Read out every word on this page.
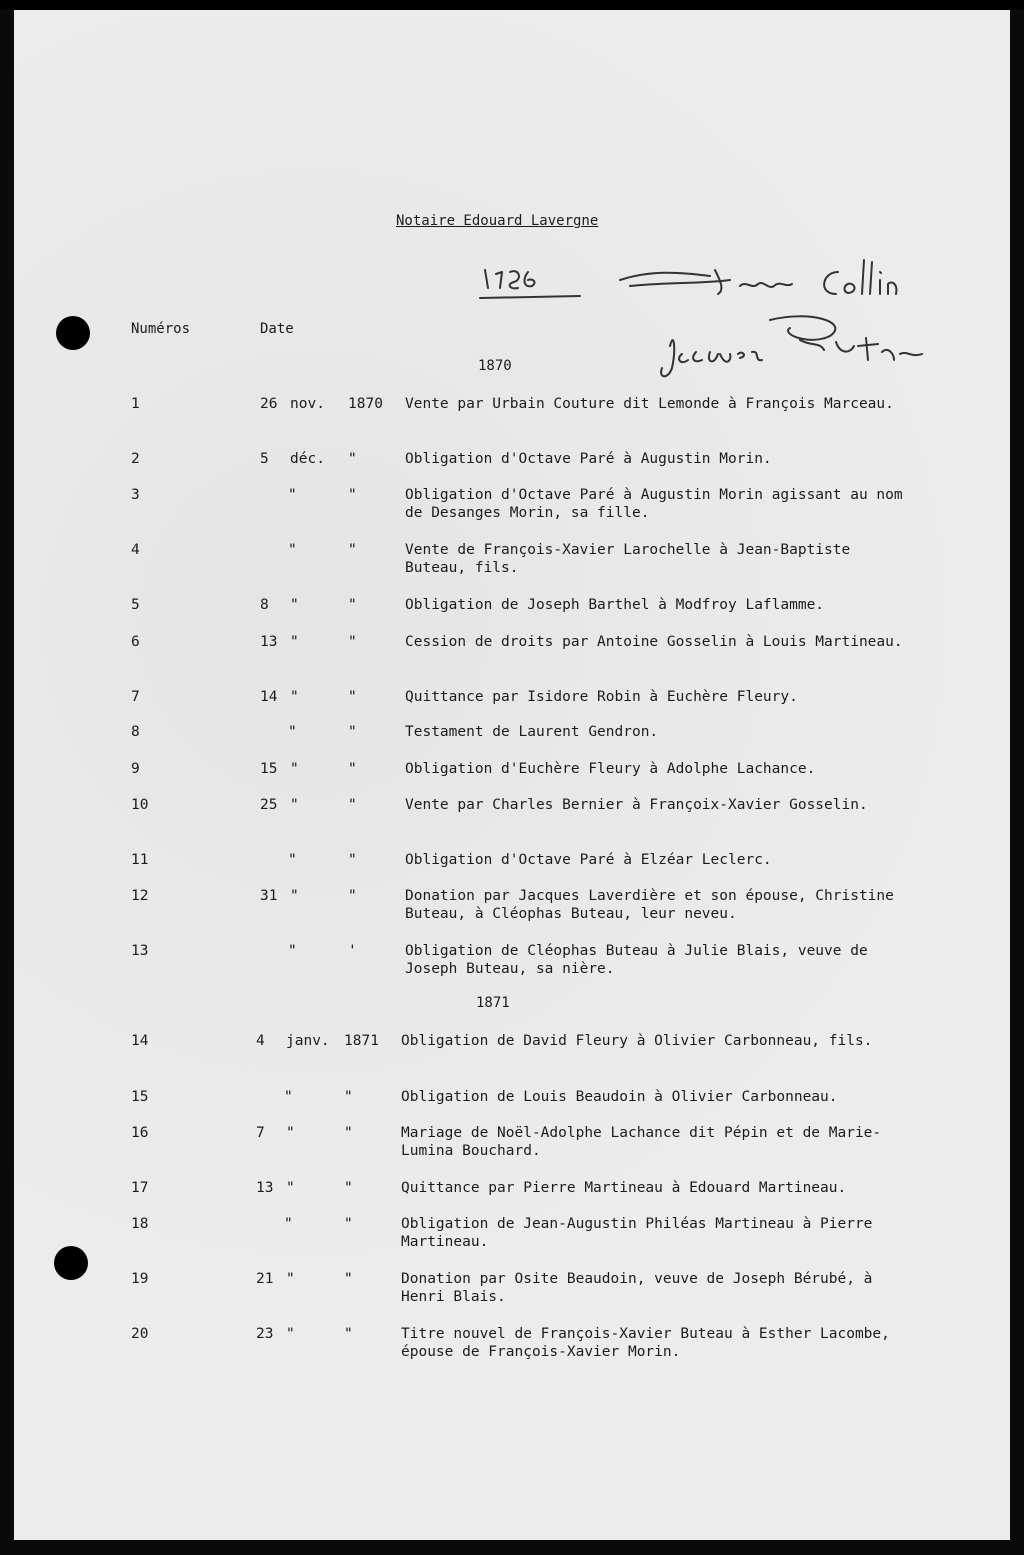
Notaire Edouard Lavergne
Numéros	Date
1870
1871
1	26 nov. 1870 Vente par Urbain Couture dit Lemonde à François Marceau.
2	5 déc. "	Obligation d'Octave Paré à Augustin Morin.
3	"	"	Obligation d'Octave Paré à Augustin Morin agissant au nom de Desanges Morin, sa fille.
4	"	"	Vente de François-Xavier Larochelle à Jean-Baptiste Buteau, fils.
5	8 "	"	Obligation de Joseph Barthel à Modfroy Laflamme.
6	13 "	"	Cession de droits par Antoine Gosselin à Louis Martineau.
7	14 "	"	Quittance par Isidore Robin à Euchère Fleury.
8	"	"	Testament de Laurent Gendron.
9	15 "	"	Obligation d'Euchère Fleury à Adolphe Lachance.
10	25 "	"	Vente par Charles Bernier à Françoix-Xavier Gosselin.
11	"	"	Obligation d'Octave Paré à Elzéar Leclerc.
12	31 "	"	Donation par Jacques Laverdière et son épouse, Christine Buteau, à Cléophas Buteau, leur neveu.
13	"	'	Obligation de Cléophas Buteau à Julie Blais, veuve de Joseph Buteau, sa nière.
14	4 janv. 1871 Obligation de David Fleury à Olivier Carbonneau, fils.
15	"	"	Obligation de Louis Beaudoin à Olivier Carbonneau.
16	7 "	"	Mariage de Noël-Adolphe Lachance dit Pépin et de Marie-Lumina Bouchard.
17	13 "	"	Quittance par Pierre Martineau à Edouard Martineau.
18	"	"	Obligation de Jean-Augustin Philéas Martineau à Pierre Martineau.
19	21 "	"	Donation par Osite Beaudoin, veuve de Joseph Bérubé, à Henri Blais.
20	23 "	"	Titre nouvel de François-Xavier Buteau à Esther Lacombe, épouse de François-Xavier Morin.
